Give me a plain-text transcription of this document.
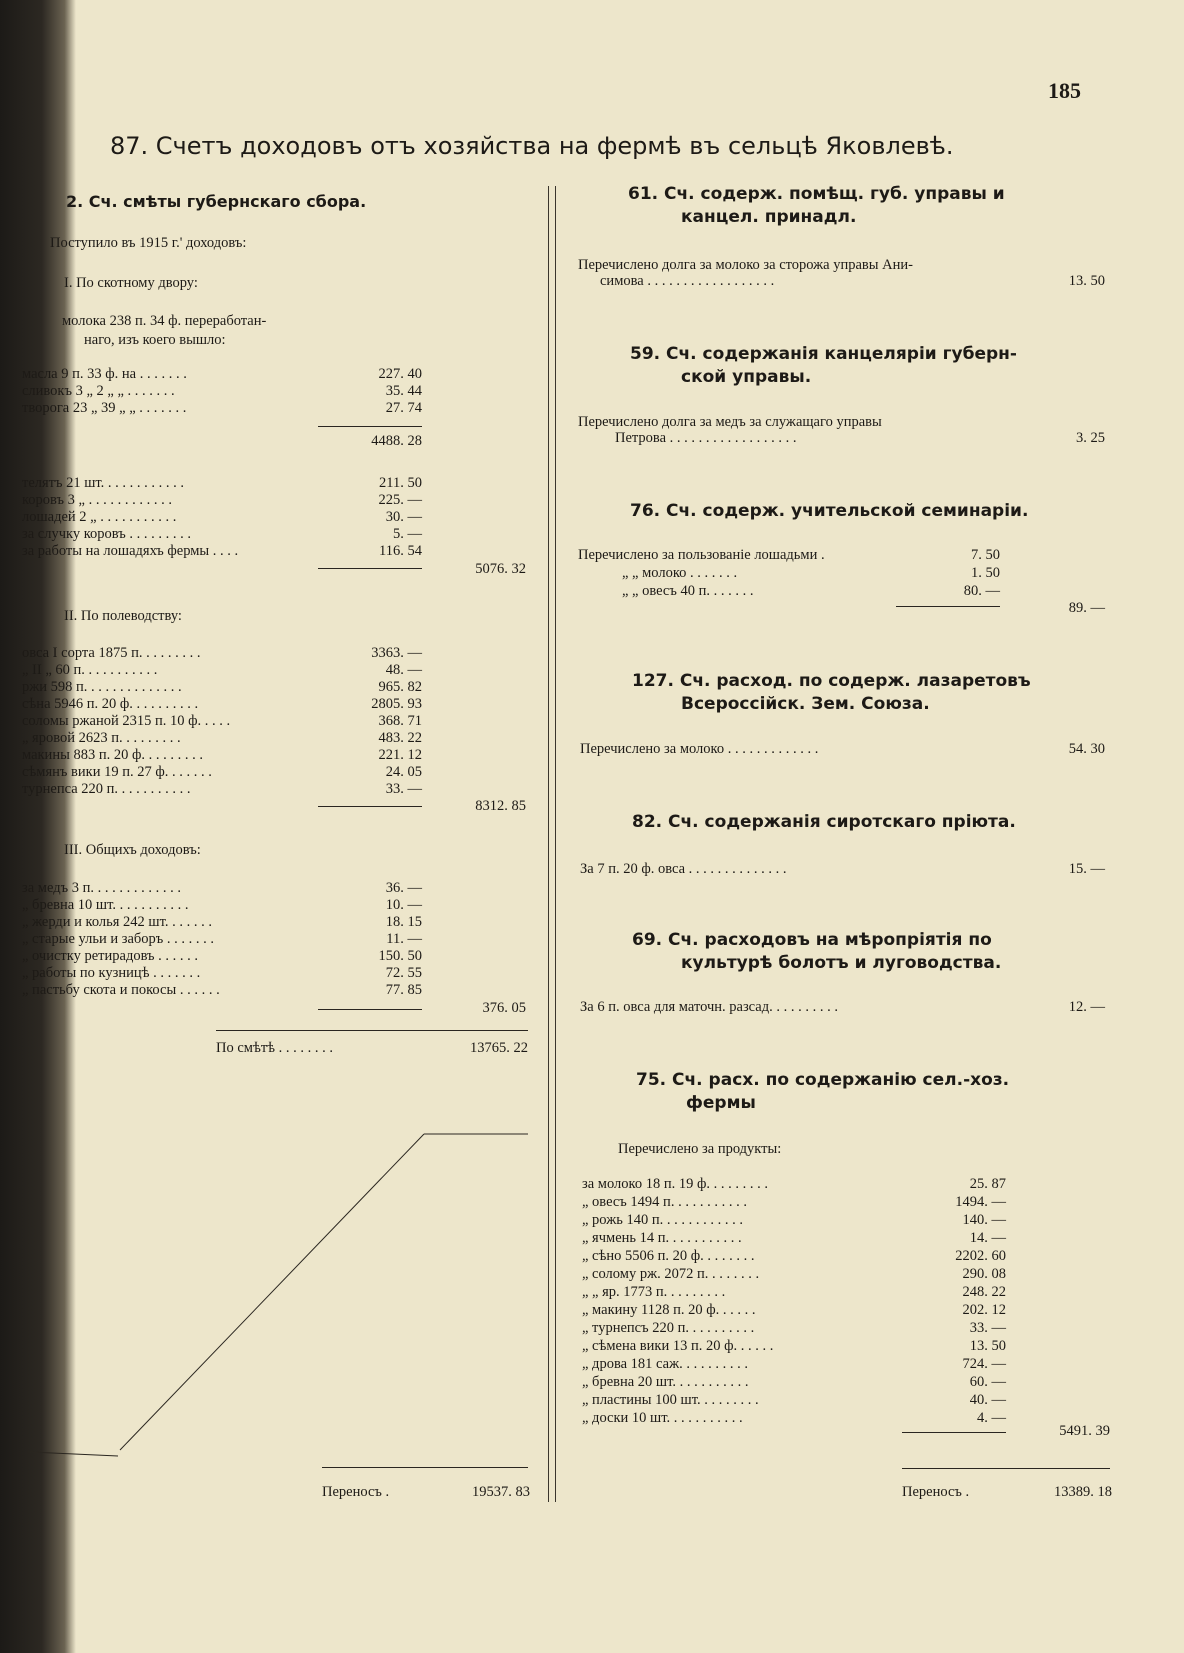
185
87. Счетъ доходовъ отъ хозяйства на фермѣ въ сельцѣ Яковлевѣ.
2. Сч. смѣты губернскаго сбора.
Поступило въ 1915 г.' доходовъ:
I. По скотному двору:
молока 238 п. 34 ф. переработан-
наго, изъ коего вышло:
масла 9 п. 33 ф. на . . . . . . .	227. 40
сливокъ 3 „ 2 „ „ . . . . . . .	35. 44
творога 23 „ 39 „ „ . . . . . . .	27. 74
4488. 28
телятъ 21 шт. . . . . . . . . . . .	211. 50
коровъ 3 „ . . . . . . . . . . . .	225. —
лошадей 2 „ . . . . . . . . . . .	30. —
за случку коровъ . . . . . . . . .	5. —
за работы на лошадяхъ фермы . . . .	116. 54
5076. 32
II. По полеводству:
овса I сорта 1875 п. . . . . . . . .	3363. —
„ II „ 60 п. . . . . . . . . . .	48. —
ржи 598 п. . . . . . . . . . . . . .	965. 82
сѣна 5946 п. 20 ф. . . . . . . . . .	2805. 93
соломы ржаной 2315 п. 10 ф. . . . .	368. 71
„ яровой 2623 п. . . . . . . . .	483. 22
макины 883 п. 20 ф. . . . . . . . .	221. 12
сѣмянъ вики 19 п. 27 ф. . . . . . .	24. 05
турнепса 220 п. . . . . . . . . . .	33. —
8312. 85
III. Общихъ доходовъ:
за медъ 3 п. . . . . . . . . . . . .	36. —
„ бревна 10 шт. . . . . . . . . . .	10. —
„ жерди и колья 242 шт. . . . . . .	18. 15
„ старые ульи и заборъ . . . . . . .	11. —
„ очистку ретирадовъ . . . . . .	150. 50
„ работы по кузницѣ . . . . . . .	72. 55
„ пастьбу скота и покосы . . . . . .	77. 85
376. 05
По смѣтѣ . . . . . . . .	13765. 22
Переносъ .	19537. 83
61. Сч. содерж. помѣщ. губ. управы и
канцел. принадл.
Перечислено долга за молоко за сторожа управы Ани-
симова . . . . . . . . . . . . . . . . . .	13. 50
59. Сч. содержанія канцеляріи губерн-
ской управы.
Перечислено долга за медъ за служащаго управы
Петрова . . . . . . . . . . . . . . . . . .	3. 25
76. Сч. содерж. учительской семинаріи.
Перечислено за пользованіе лошадьми .	7. 50
„ „ молоко . . . . . . .	1. 50
„ „ овесъ 40 п. . . . . . .	80. —
89. —
127. Сч. расход. по содерж. лазаретовъ
Всероссійск. Зем. Союза.
Перечислено за молоко . . . . . . . . . . . . .	54. 30
82. Сч. содержанія сиротскаго пріюта.
За 7 п. 20 ф. овса . . . . . . . . . . . . . .	15. —
69. Сч. расходовъ на мѣропріятія по
культурѣ болотъ и луговодства.
За 6 п. овса для маточн. разсад. . . . . . . . . .	12. —
75. Сч. расх. по содержанію сел.-хоз.
фермы
Перечислено за продукты:
за молоко 18 п. 19 ф. . . . . . . . .	25. 87
„ овесъ 1494 п. . . . . . . . . . .	1494. —
„ рожь 140 п. . . . . . . . . . . .	140. —
„ ячмень 14 п. . . . . . . . . . .	14. —
„ сѣно 5506 п. 20 ф. . . . . . . .	2202. 60
„ солому рж. 2072 п. . . . . . . .	290. 08
„ „ яр. 1773 п. . . . . . . . .	248. 22
„ макину 1128 п. 20 ф. . . . . .	202. 12
„ турнепсъ 220 п. . . . . . . . . .	33. —
„ сѣмена вики 13 п. 20 ф. . . . . .	13. 50
„ дрова 181 саж. . . . . . . . . .	724. —
„ бревна 20 шт. . . . . . . . . . .	60. —
„ пластины 100 шт. . . . . . . . .	40. —
„ доски 10 шт. . . . . . . . . . .	4. —
5491. 39
Переносъ .	13389. 18
